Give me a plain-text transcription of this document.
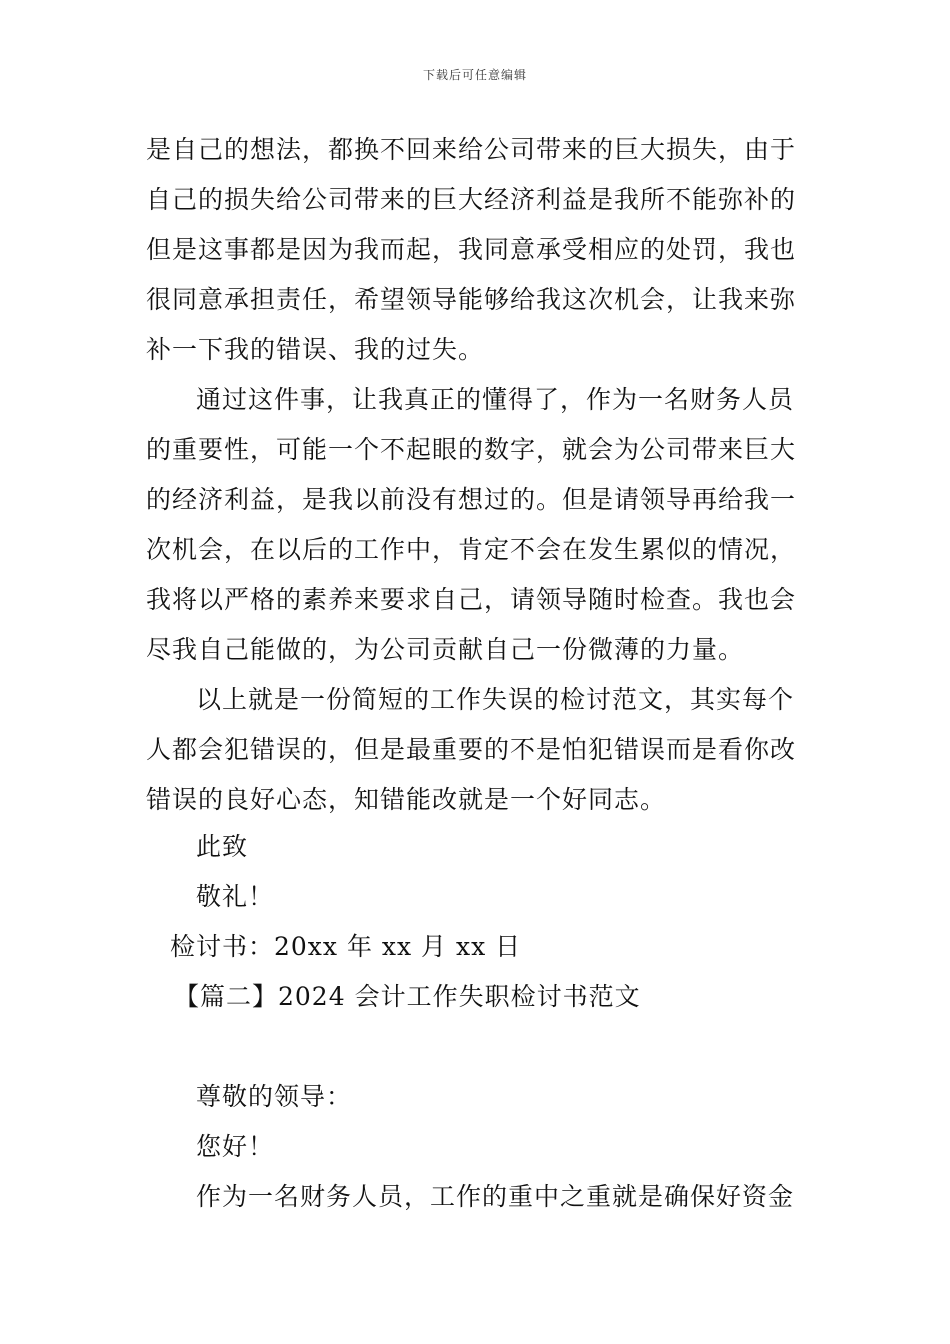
下载后可任意编辑
是自己的想法，都换不回来给公司带来的巨大损失，由于
自己的损失给公司带来的巨大经济利益是我所不能弥补的
但是这事都是因为我而起，我同意承受相应的处罚，我也
很同意承担责任，希望领导能够给我这次机会，让我来弥
补一下我的错误、我的过失。
通过这件事，让我真正的懂得了，作为一名财务人员
的重要性，可能一个不起眼的数字，就会为公司带来巨大
的经济利益，是我以前没有想过的。但是请领导再给我一
次机会，在以后的工作中，肯定不会在发生累似的情况，
我将以严格的素养来要求自己，请领导随时检查。我也会
尽我自己能做的，为公司贡献自己一份微薄的力量。
以上就是一份简短的工作失误的检讨范文，其实每个
人都会犯错误的，但是最重要的不是怕犯错误而是看你改
错误的良好心态，知错能改就是一个好同志。
此致
敬礼！
检讨书：20xx 年 xx 月 xx 日
【篇二】2024 会计工作失职检讨书范文
尊敬的领导：
您好！
作为一名财务人员，工作的重中之重就是确保好资金
